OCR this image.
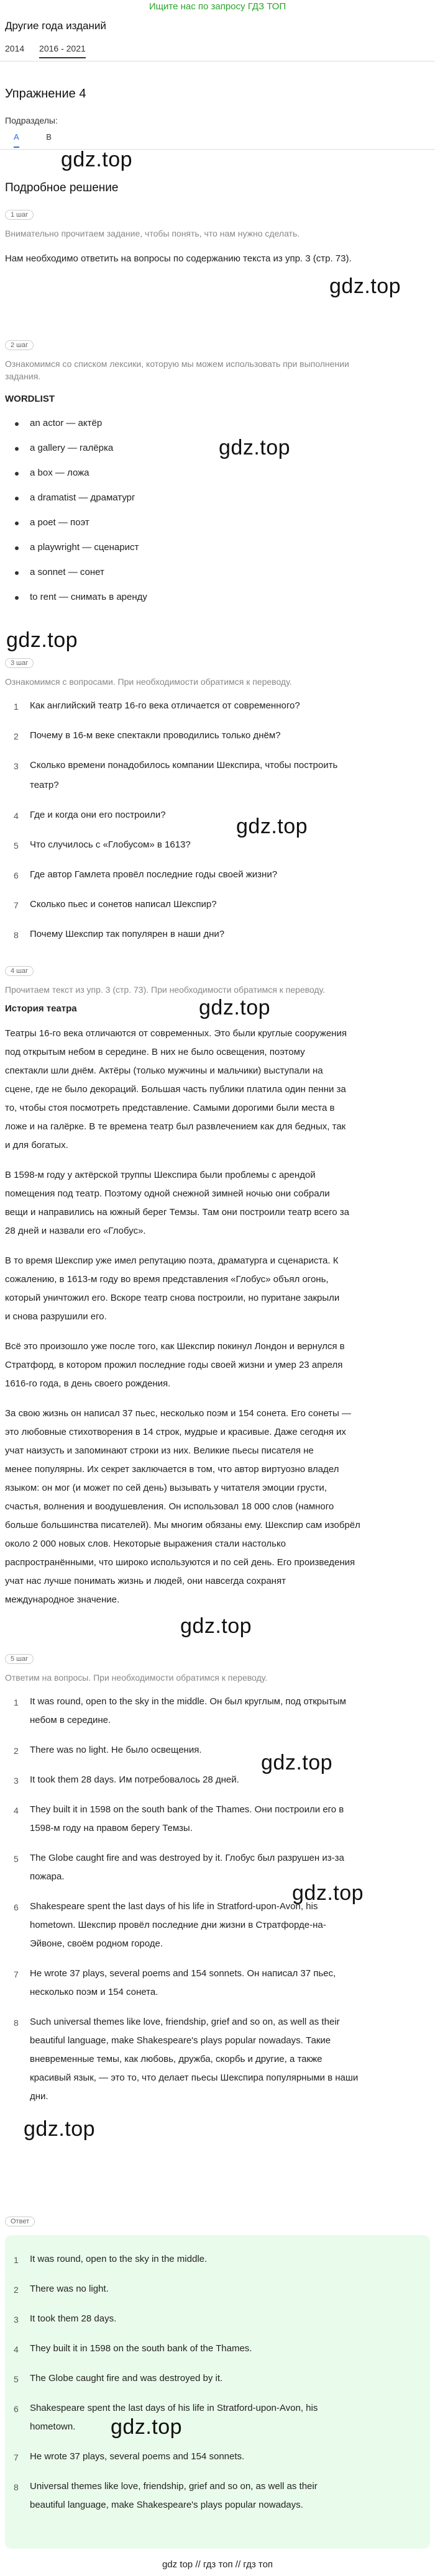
Ищите нас по запросу ГДЗ ТОП
Другие года изданий
2014 2016 - 2021
Упражнение 4
Подразделы:
A	B
gdz.top
Подробное решение
1 шаг
Внимательно прочитаем задание, чтобы понять, что нам нужно сделать.
gdz.top
Нам необходимо ответить на вопросы по содержанию текста из упр. 3 (стр. 73).
2 шаг
Ознакомимся со списком лексики, которую мы можем использовать при выполнении
задания.
WORDLIST
an actor — актёр
a gallery — галёрка
a box — ложа
a dramatist — драматург
a poet — поэт
a playwright — сценарист
a sonnet — сонет
to rent — снимать в аренду
gdz.top
gdz.top
3 шаг
Ознакомимся с вопросами. При необходимости обратимся к переводу.
1 Как английский театр 16-го века отличается от современного?
2 Почему в 16-м веке спектакли проводились только днём?
3 Сколько времени понадобилось компании Шекспира, чтобы построить
театр?
4 Где и когда они его построили?
5 Что случилось с «Глобусом» в 1613?
6 Где автор Гамлета провёл последние годы своей жизни?
7 Сколько пьес и сонетов написал Шекспир?
8 Почему Шекспир так популярен в наши дни?
gdz.top
4 шаг
Прочитаем текст из упр. 3 (стр. 73). При необходимости обратимся к переводу.
История театра	gdz.top
Театры 16-го века отличаются от современных. Это были круглые сооружения
под открытым небом в середине. В них не было освещения, поэтому
спектакли шли днём. Актёры (только мужчины и мальчики) выступали на
сцене, где не было декораций. Большая часть публики платила один пенни за
то, чтобы стоя посмотреть представление. Самыми дорогими были места в
ложе и на галёрке. В те времена театр был развлечением как для бедных, так
и для богатых.
В 1598-м году у актёрской труппы Шекспира были проблемы с арендой
помещения под театр. Поэтому одной снежной зимней ночью они собрали
вещи и направились на южный берег Темзы. Там они построили театр всего за
28 дней и назвали его «Глобус».
В то время Шекспир уже имел репутацию поэта, драматурга и сценариста. К
сожалению, в 1613-м году во время представления «Глобус» объял огонь,
который уничтожил его. Вскоре театр снова построили, но пуритане закрыли
и снова разрушили его.
Всё это произошло уже после того, как Шекспир покинул Лондон и вернулся в
Стратфорд, в котором прожил последние годы своей жизни и умер 23 апреля
1616-го года, в день своего рождения.
За свою жизнь он написал 37 пьес, несколько поэм и 154 сонета. Его сонеты —
это любовные стихотворения в 14 строк, мудрые и красивые. Даже сегодня их
учат наизусть и запоминают строки из них. Великие пьесы писателя не
менее популярны. Их секрет заключается в том, что автор виртуозно владел
языком: он мог (и может по сей день) вызывать у читателя эмоции грусти,
счастья, волнения и воодушевления. Он использовал 18 000 слов (намного
больше большинства писателей). Мы многим обязаны ему. Шекспир сам изобрёл
около 2 000 новых слов. Некоторые выражения стали настолько
распространёнными, что широко используются и по сей день. Его произведения
учат нас лучше понимать жизнь и людей, они навсегда сохранят
международное значение.
gdz.top
5 шаг
Ответим на вопросы. При необходимости обратимся к переводу.
1 It was round, open to the sky in the middle. Он был круглым, под открытым
небом в середине.
2 There was no light. Не было освещения.
3 It took them 28 days. Им потребовалось 28 дней.
4 They built it in 1598 on the south bank of the Thames. Они построили его в
1598-м году на правом берегу Темзы.
5 The Globe caught fire and was destroyed by it. Глобус был разрушен из-за
пожара.
6 Shakespeare spent the last days of his life in Stratford-upon-Avon, his
hometown. Шекспир провёл последние дни жизни в Стратфорде-на-
Эйвоне, своём родном городе.
7 He wrote 37 plays, several poems and 154 sonnets. Он написал 37 пьес,
несколько поэм и 154 сонета.
8 Such universal themes like love, friendship, grief and so on, as well as their
beautiful language, make Shakespeare's plays popular nowadays. Такие
вневременные темы, как любовь, дружба, скорбь и другие, а также
красивый язык, — это то, что делает пьесы Шекспира популярными в наши
дни.
gdz.top
gdz.top
gdz.top
Ответ
1 It was round, open to the sky in the middle.
2 There was no light.
3 It took them 28 days.
4 They built it in 1598 on the south bank of the Thames.
5 The Globe caught fire and was destroyed by it.
6 Shakespeare spent the last days of his life in Stratford-upon-Avon, his
hometown.
7 He wrote 37 plays, several poems and 154 sonnets.
8 Universal themes like love, friendship, grief and so on, as well as their
beautiful language, make Shakespeare's plays popular nowadays.
gdz.top
gdz top // гдз топ // гдз топ
